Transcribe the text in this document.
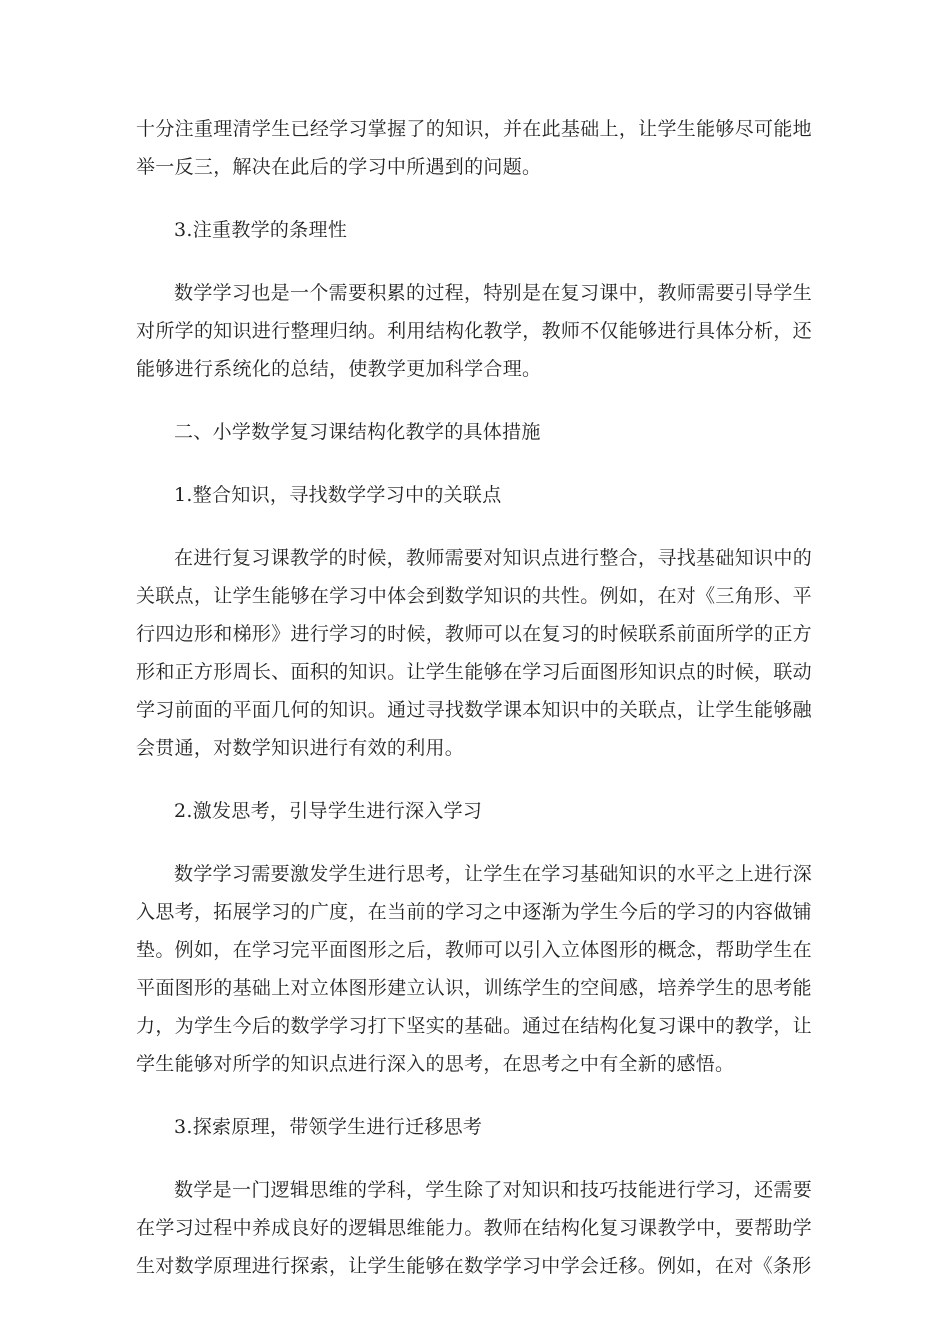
十分注重理清学生已经学习掌握了的知识，并在此基础上，让学生能够尽可能地举一反三，解决在此后的学习中所遇到的问题。

3.注重教学的条理性

数学学习也是一个需要积累的过程，特别是在复习课中，教师需要引导学生对所学的知识进行整理归纳。利用结构化教学，教师不仅能够进行具体分析，还能够进行系统化的总结，使教学更加科学合理。

二、小学数学复习课结构化教学的具体措施

1.整合知识，寻找数学学习中的关联点

在进行复习课教学的时候，教师需要对知识点进行整合，寻找基础知识中的关联点，让学生能够在学习中体会到数学知识的共性。例如，在对《三角形、平行四边形和梯形》进行学习的时候，教师可以在复习的时候联系前面所学的正方形和正方形周长、面积的知识。让学生能够在学习后面图形知识点的时候，联动学习前面的平面几何的知识。通过寻找数学课本知识中的关联点，让学生能够融会贯通，对数学知识进行有效的利用。

2.激发思考，引导学生进行深入学习

数学学习需要激发学生进行思考，让学生在学习基础知识的水平之上进行深入思考，拓展学习的广度，在当前的学习之中逐渐为学生今后的学习的内容做铺垫。例如，在学习完平面图形之后，教师可以引入立体图形的概念，帮助学生在平面图形的基础上对立体图形建立认识，训练学生的空间感，培养学生的思考能力，为学生今后的数学学习打下坚实的基础。通过在结构化复习课中的教学，让学生能够对所学的知识点进行深入的思考，在思考之中有全新的感悟。

3.探索原理，带领学生进行迁移思考

数学是一门逻辑思维的学科，学生除了对知识和技巧技能进行学习，还需要在学习过程中养成良好的逻辑思维能力。教师在结构化复习课教学中，要帮助学生对数学原理进行探索，让学生能够在数学学习中学会迁移。例如，在对《条形
